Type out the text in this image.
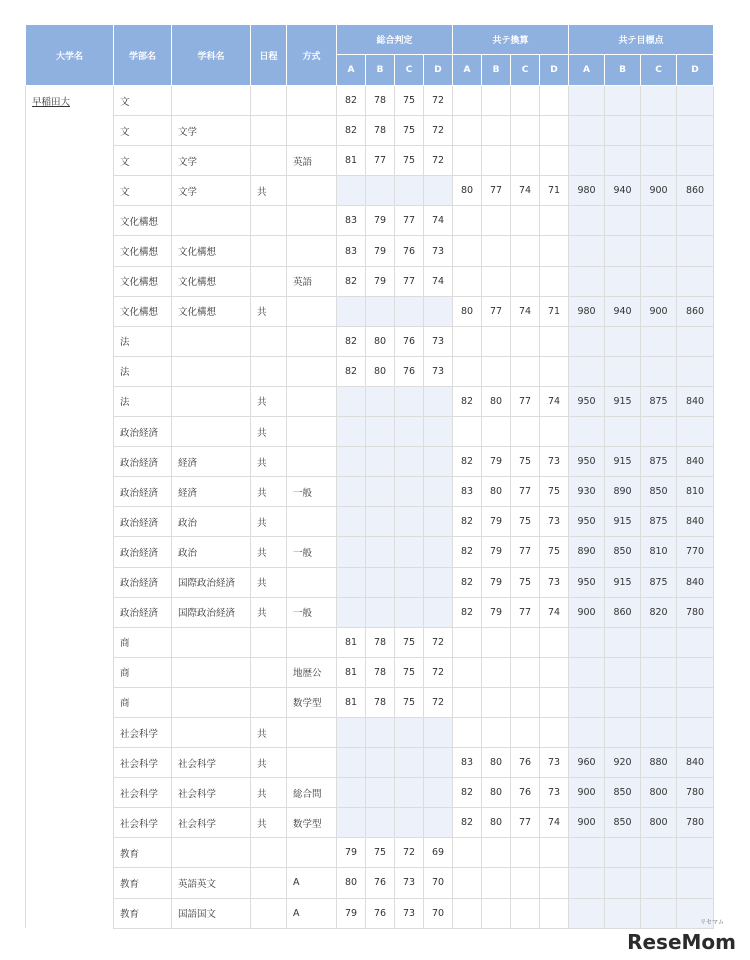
大学名	学部名	学科名	日程	方式	総合判定				共テ換算				共テ目標点			
					A	B	C	D	A	B	C	D	A	B	C	D
早稲田大	文				82	78	75	72								
	文	文学			82	78	75	72								
	文	文学		英語	81	77	75	72								
	文	文学	共						80	77	74	71	980	940	900	860
	文化構想				83	79	77	74								
	文化構想	文化構想			83	79	76	73								
	文化構想	文化構想		英語	82	79	77	74								
	文化構想	文化構想	共						80	77	74	71	980	940	900	860
	法				82	80	76	73								
	法				82	80	76	73								
	法		共						82	80	77	74	950	915	875	840
	政治経済		共													
	政治経済	経済	共						82	79	75	73	950	915	875	840
	政治経済	経済	共	一般					83	80	77	75	930	890	850	810
	政治経済	政治	共						82	79	75	73	950	915	875	840
	政治経済	政治	共	一般					82	79	77	75	890	850	810	770
	政治経済	国際政治経済	共						82	79	75	73	950	915	875	840
	政治経済	国際政治経済	共	一般					82	79	77	74	900	860	820	780
	商				81	78	75	72								
	商			地歴公	81	78	75	72								
	商			数学型	81	78	75	72								
	社会科学		共													
	社会科学	社会科学	共						83	80	76	73	960	920	880	840
	社会科学	社会科学	共	総合問					82	80	76	73	900	850	800	780
	社会科学	社会科学	共	数学型					82	80	77	74	900	850	800	780
	教育				79	75	72	69								
	教育	英語英文		A	80	76	73	70								
	教育	国語国文		A	79	76	73	70								
リセマム
ReseMom
